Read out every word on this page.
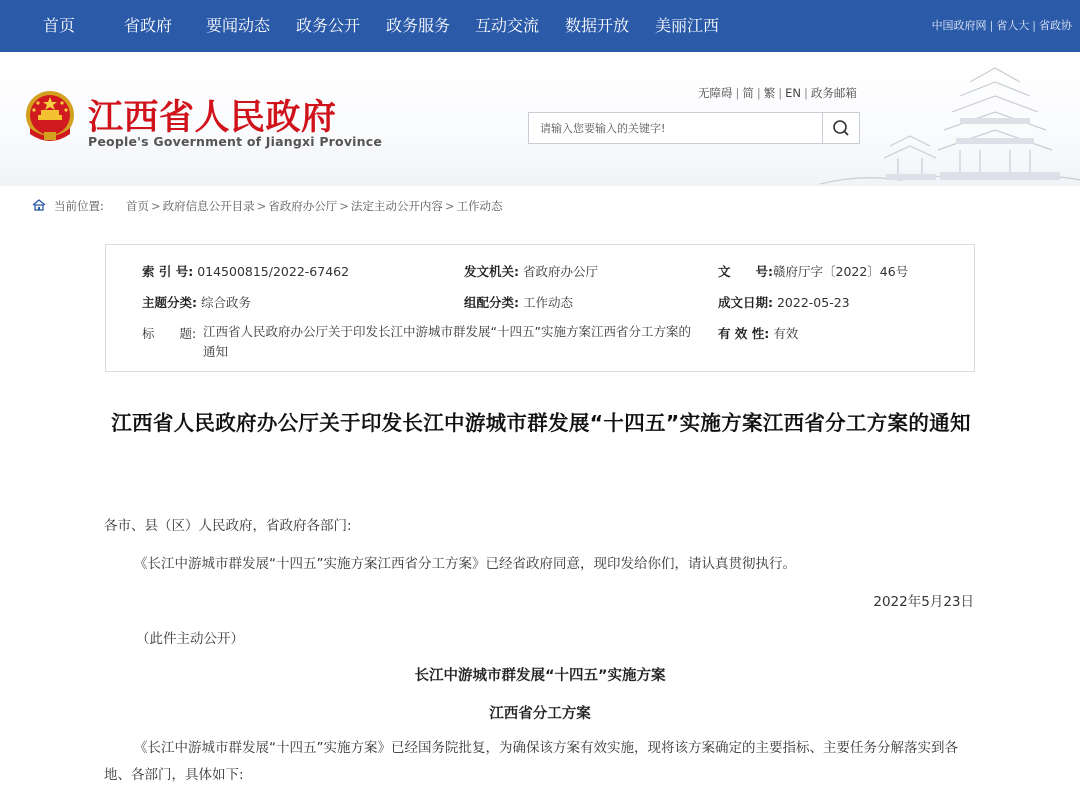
首页	省政府 要闻动态 政务公开 政务服务 互动交流 数据开放 美丽江西	中国政府网 | 省人大 | 省政协
江西省人民政府
People's Government of Jiangxi Province
无障碍 | 简 | 繁 | EN | 政务邮箱
请输入您要输入的关键字!
当前位置: 首页 > 政府信息公开目录 > 省政府办公厅 > 法定主动公开内容 > 工作动态
索 引 号: 014500815/2022-67462	发文机关: 省政府办公厅	文　　号:赣府厅字〔2022〕46号
主题分类: 综合政务	组配分类: 工作动态	成文日期: 2022-05-23
标　　题: 江西省人民政府办公厅关于印发长江中游城市群发展“十四五”实施方案江西省分工方案的通知
有 效 性: 有效
江西省人民政府办公厅关于印发长江中游城市群发展“十四五”实施方案江西省分工方案的通知
各市、县（区）人民政府，省政府各部门:
《长江中游城市群发展“十四五”实施方案江西省分工方案》已经省政府同意，现印发给你们，请认真贯彻执行。
2022年5月23日
（此件主动公开）
长江中游城市群发展“十四五”实施方案
江西省分工方案
《长江中游城市群发展“十四五”实施方案》已经国务院批复，为确保该方案有效实施，现将该方案确定的主要指标、主要任务分解落实到各地、各部门，具体如下:
